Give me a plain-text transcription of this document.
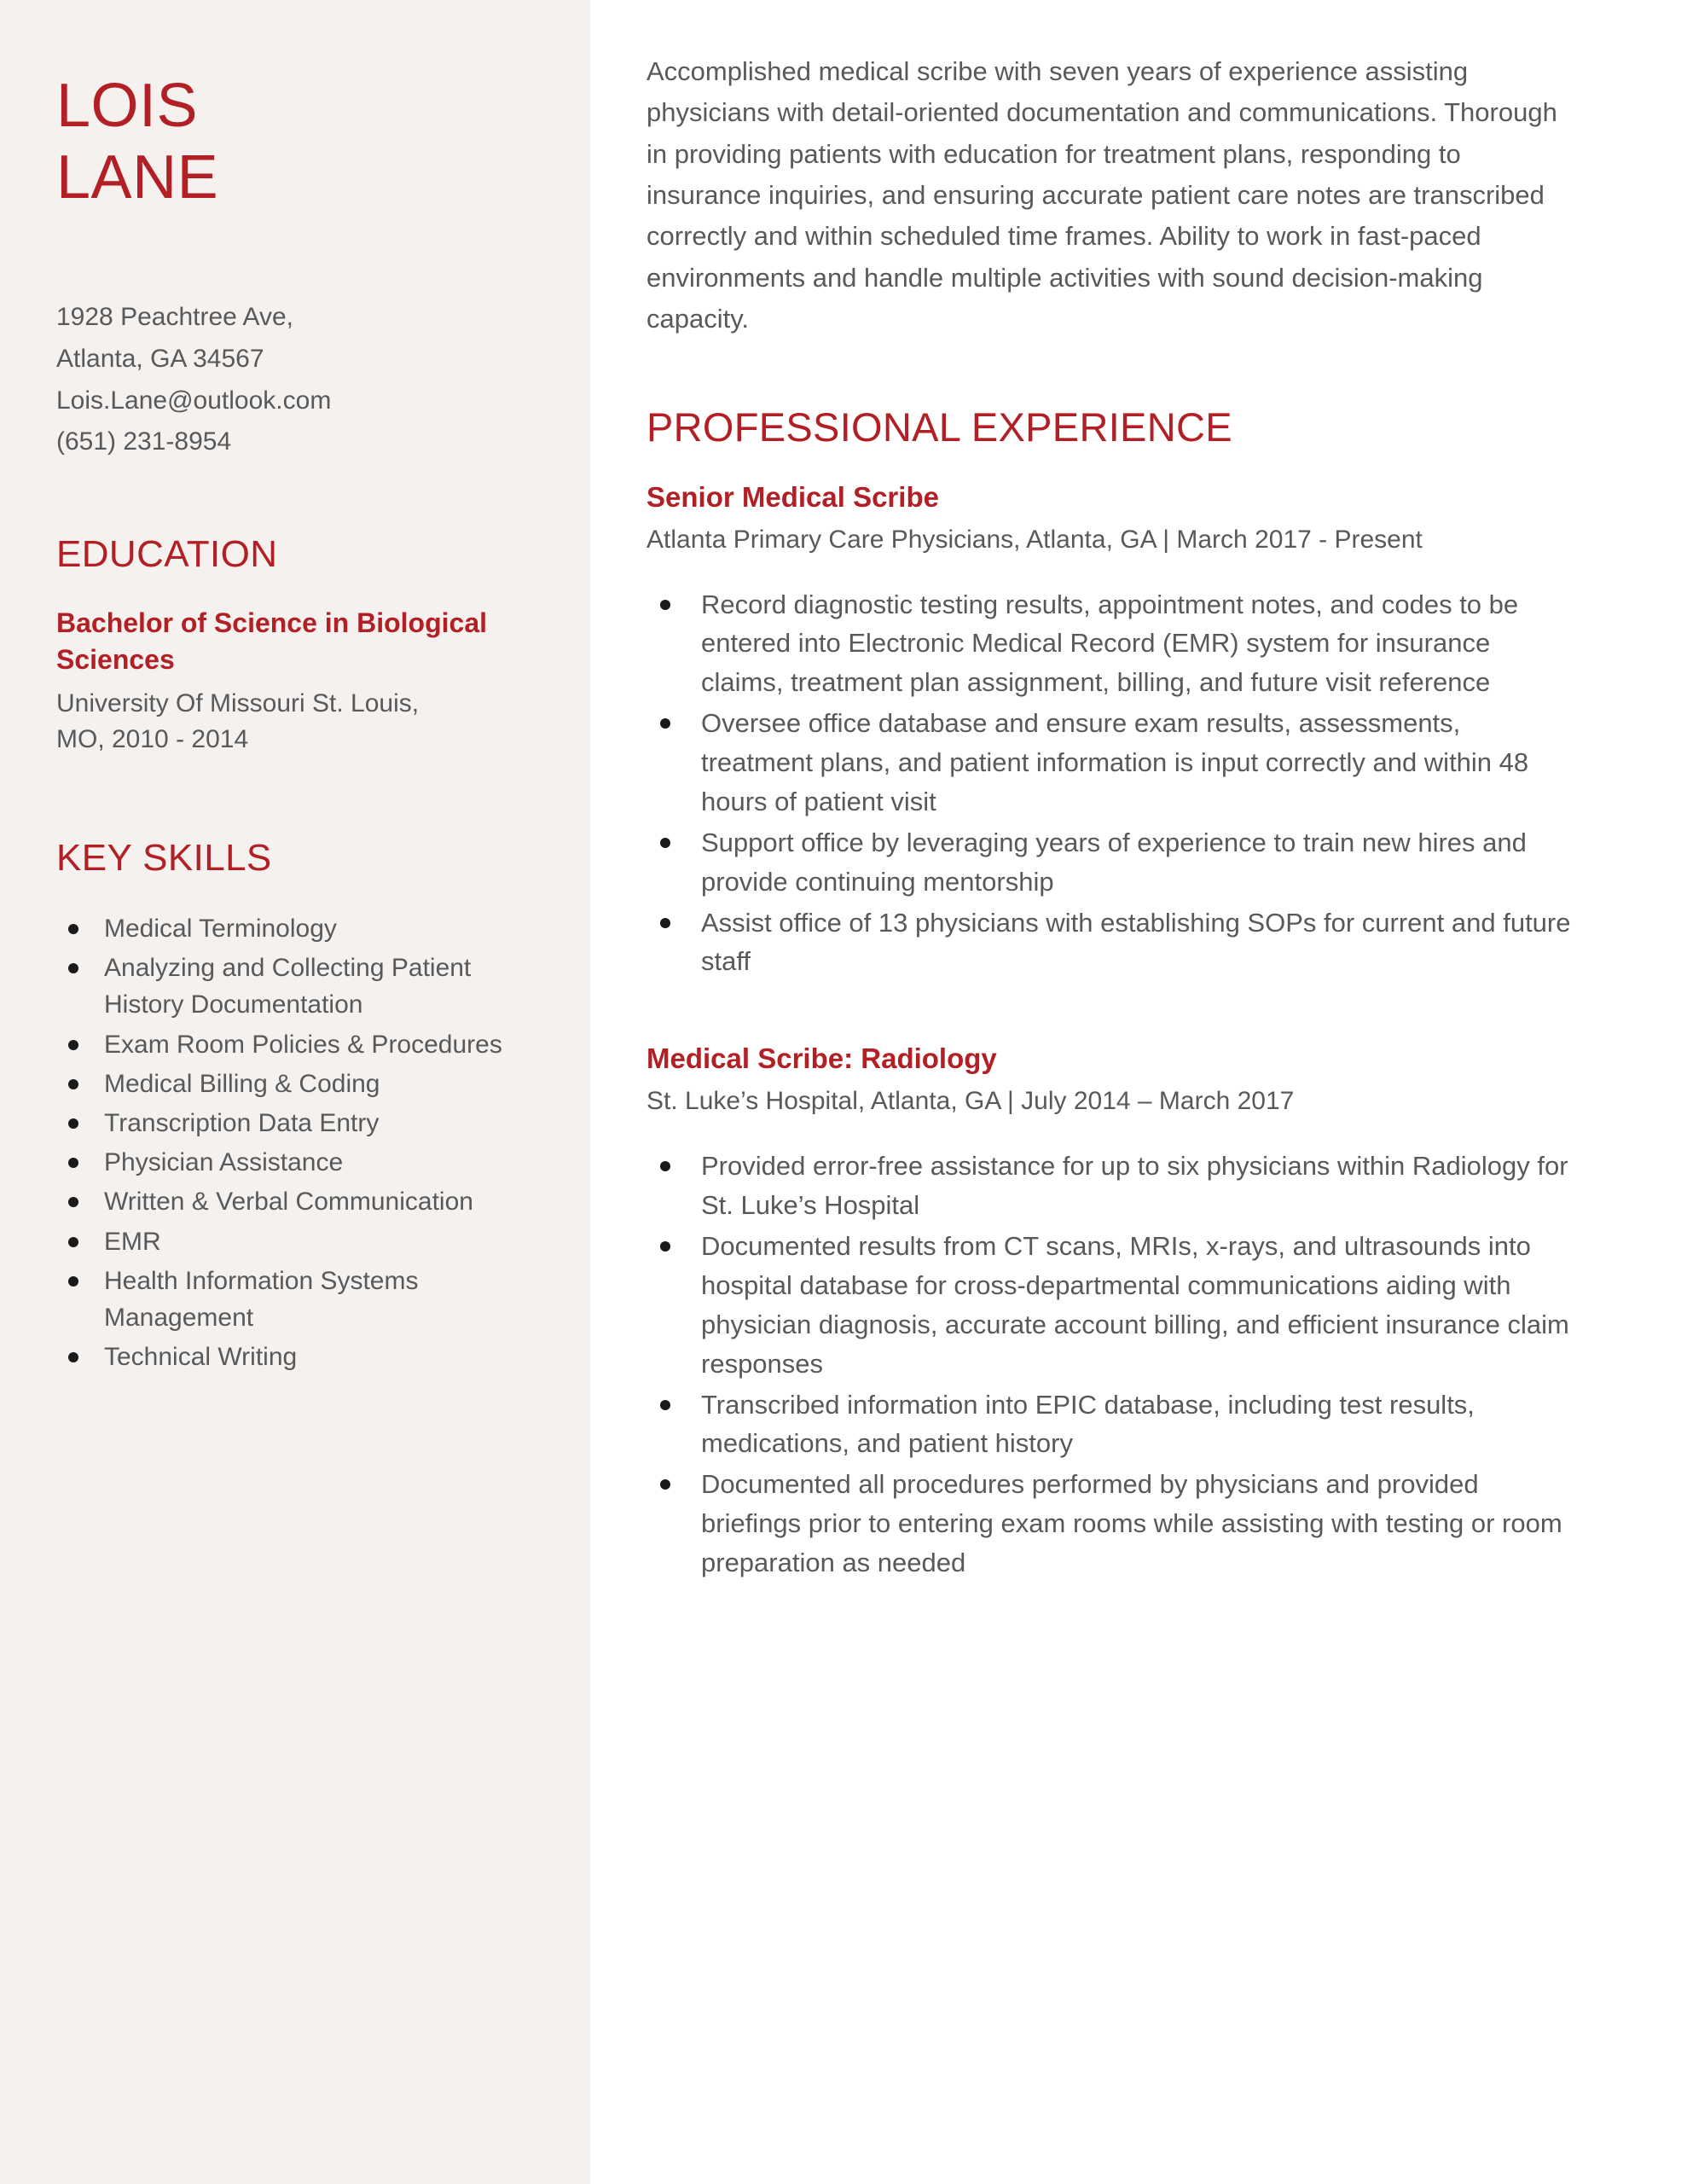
LOIS
LANE
1928 Peachtree Ave,
Atlanta, GA 34567
Lois.Lane@outlook.com
(651) 231-8954
EDUCATION
Bachelor of Science in Biological Sciences
University Of Missouri St. Louis,
MO, 2010 - 2014
KEY SKILLS
Medical Terminology
Analyzing and Collecting Patient History Documentation
Exam Room Policies & Procedures
Medical Billing & Coding
Transcription Data Entry
Physician Assistance
Written & Verbal Communication
EMR
Health Information Systems Management
Technical Writing

Accomplished medical scribe with seven years of experience assisting physicians with detail-oriented documentation and communications. Thorough in providing patients with education for treatment plans, responding to insurance inquiries, and ensuring accurate patient care notes are transcribed correctly and within scheduled time frames. Ability to work in fast-paced environments and handle multiple activities with sound decision-making capacity.

PROFESSIONAL EXPERIENCE
Senior Medical Scribe
Atlanta Primary Care Physicians, Atlanta, GA | March 2017 - Present
Record diagnostic testing results, appointment notes, and codes to be entered into Electronic Medical Record (EMR) system for insurance claims, treatment plan assignment, billing, and future visit reference
Oversee office database and ensure exam results, assessments, treatment plans, and patient information is input correctly and within 48 hours of patient visit
Support office by leveraging years of experience to train new hires and provide continuing mentorship
Assist office of 13 physicians with establishing SOPs for current and future staff
Medical Scribe: Radiology
St. Luke’s Hospital, Atlanta, GA | July 2014 – March 2017
Provided error-free assistance for up to six physicians within Radiology for St. Luke’s Hospital
Documented results from CT scans, MRIs, x-rays, and ultrasounds into hospital database for cross-departmental communications aiding with physician diagnosis, accurate account billing, and efficient insurance claim responses
Transcribed information into EPIC database, including test results, medications, and patient history
Documented all procedures performed by physicians and provided briefings prior to entering exam rooms while assisting with testing or room preparation as needed
